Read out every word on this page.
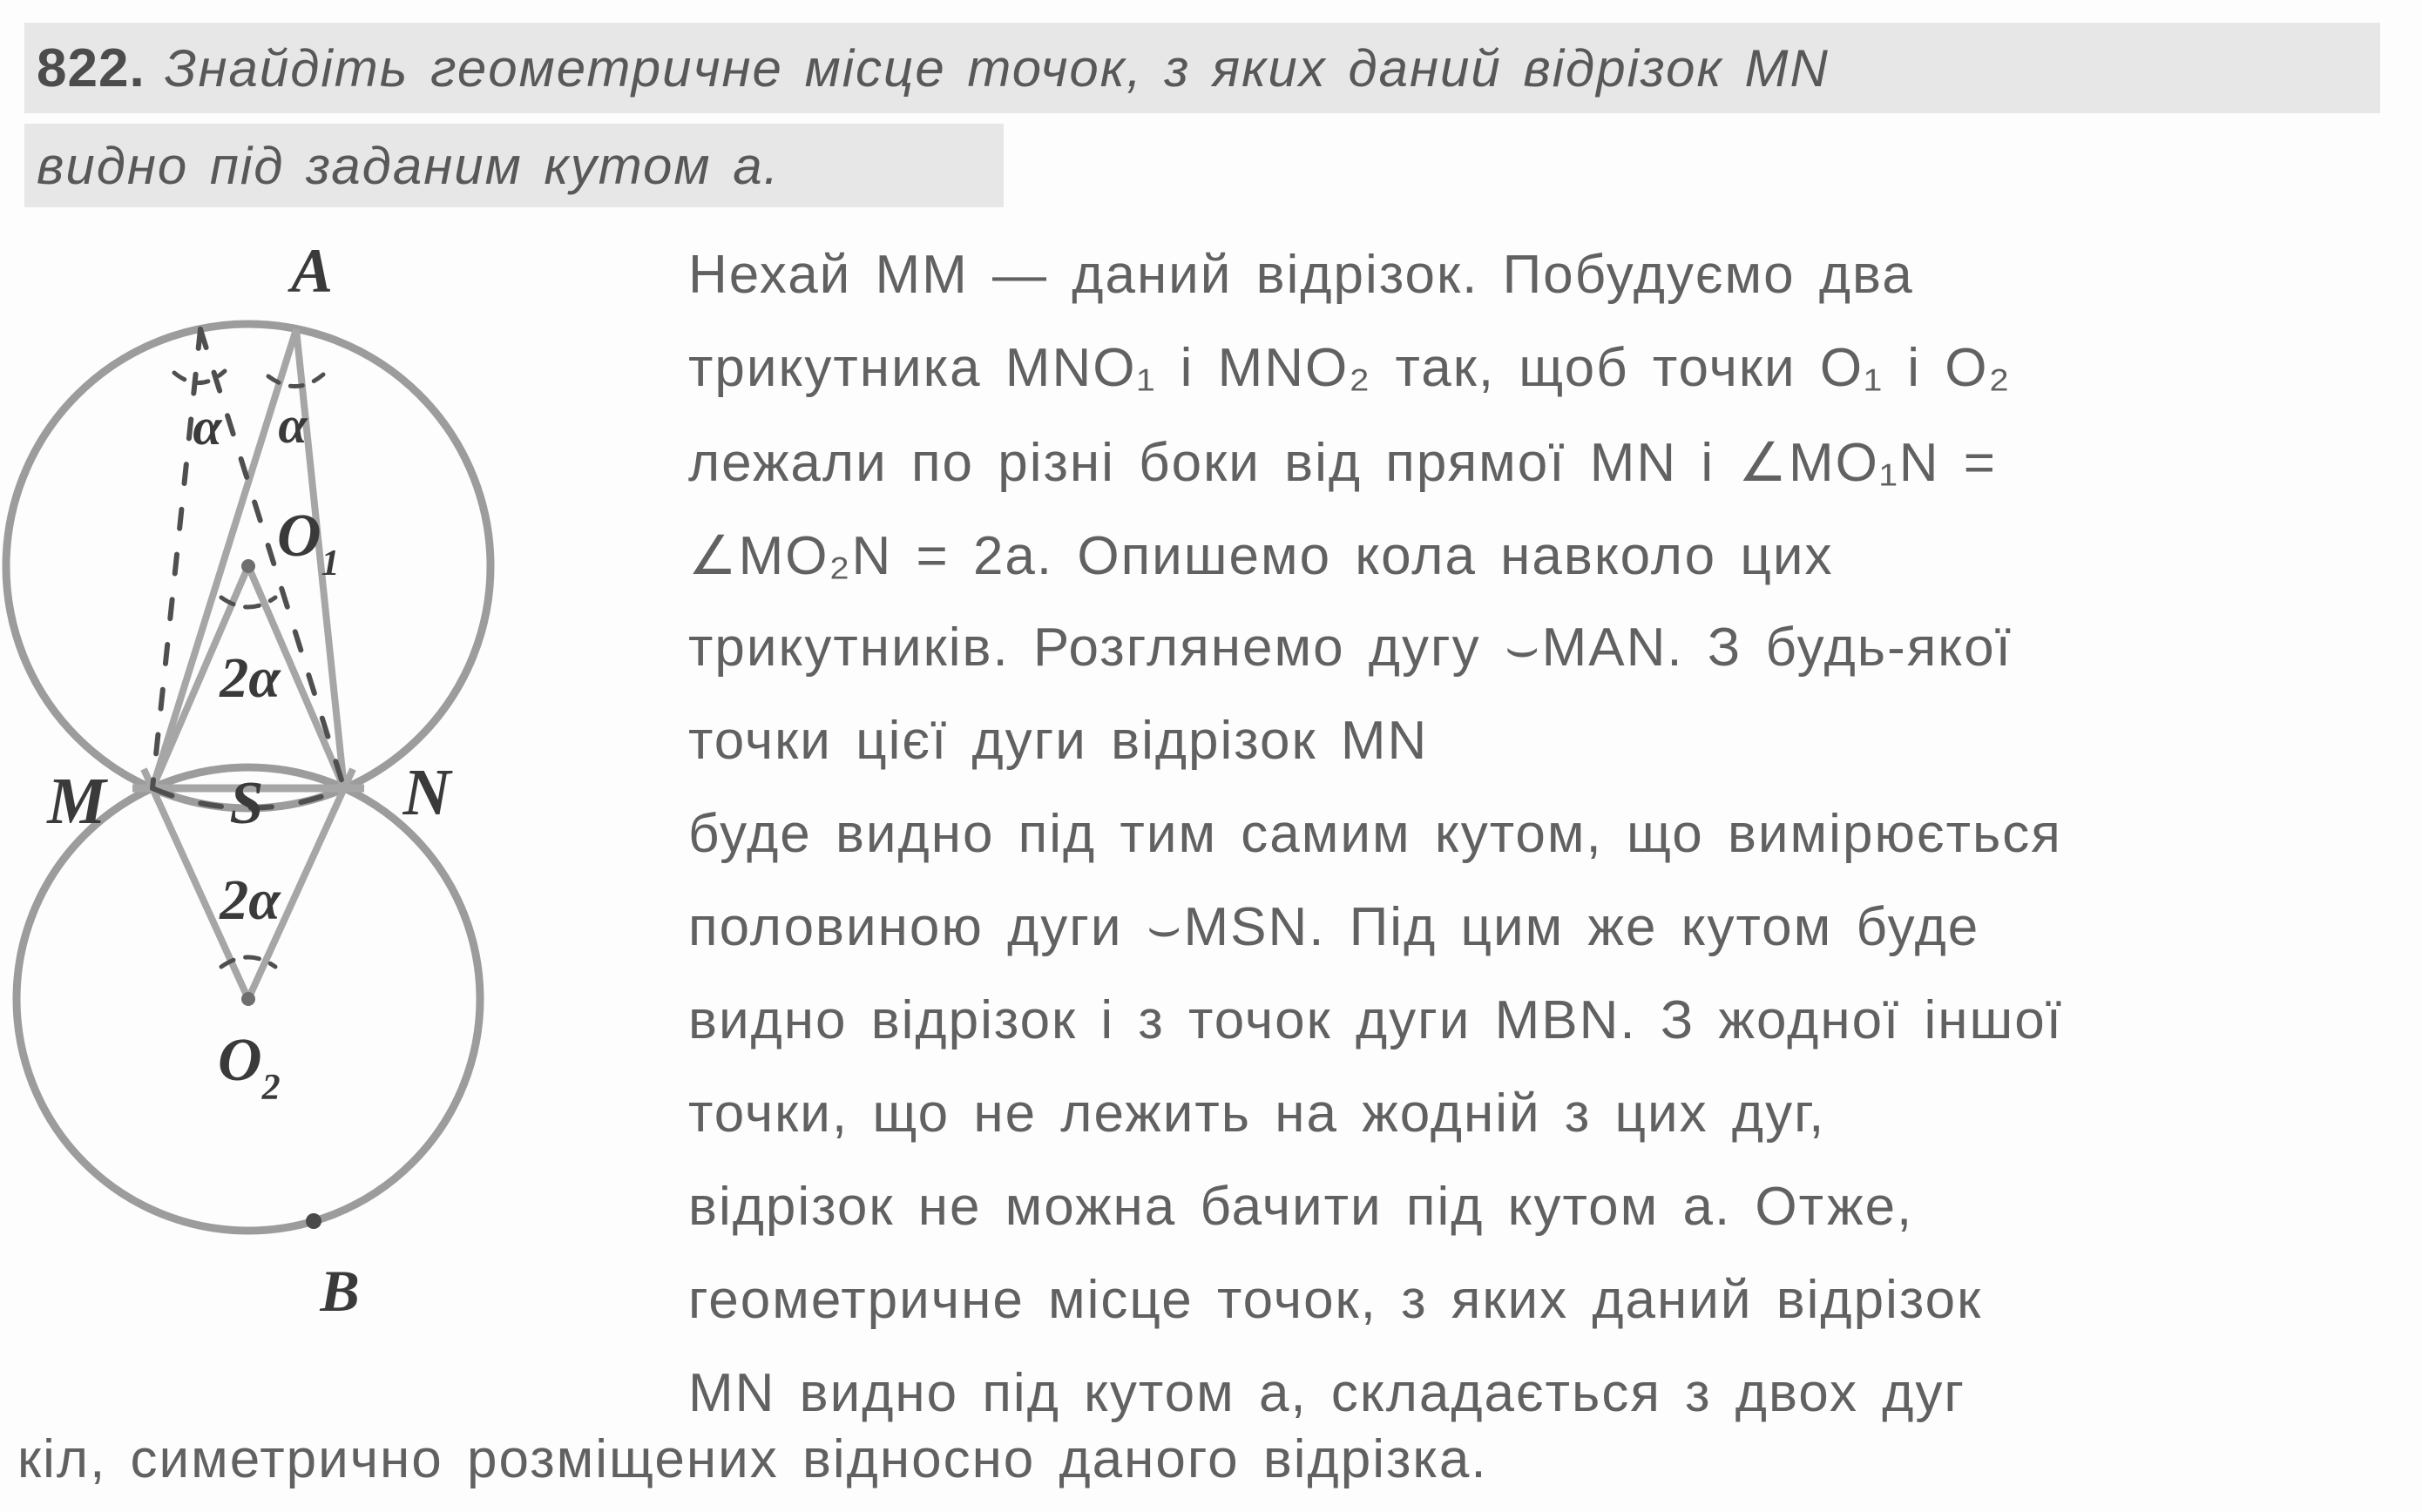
822. Знайдіть геометричне місце точок, з яких даний відрізок MN
видно під заданим кутом а.
Нехай MM — даний відрізок. Побудуємо два
трикутника MNO₁ і MNO₂ так, щоб точки O₁ і O₂
лежали по різні боки від прямої MN і ∠MO₁N =
∠MO₂N = 2a. Опишемо кола навколо цих
трикутників. Розглянемо дугу ⌣MAN. З будь-якої
точки цієї дуги відрізок MN
буде видно під тим самим кутом, що вимірюється
половиною дуги ⌣MSN. Під цим же кутом буде
видно відрізок і з точок дуги MBN. З жодної іншої
точки, що не лежить на жодній з цих дуг,
відрізок не можна бачити під кутом а. Отже,
геометричне місце точок, з яких даний відрізок
MN видно під кутом а, складається з двох дуг
кіл, симетрично розміщених відносно даного відрізка.
A
M	N
S
B
$O_1$
$O_2$
α α
2α
2α
